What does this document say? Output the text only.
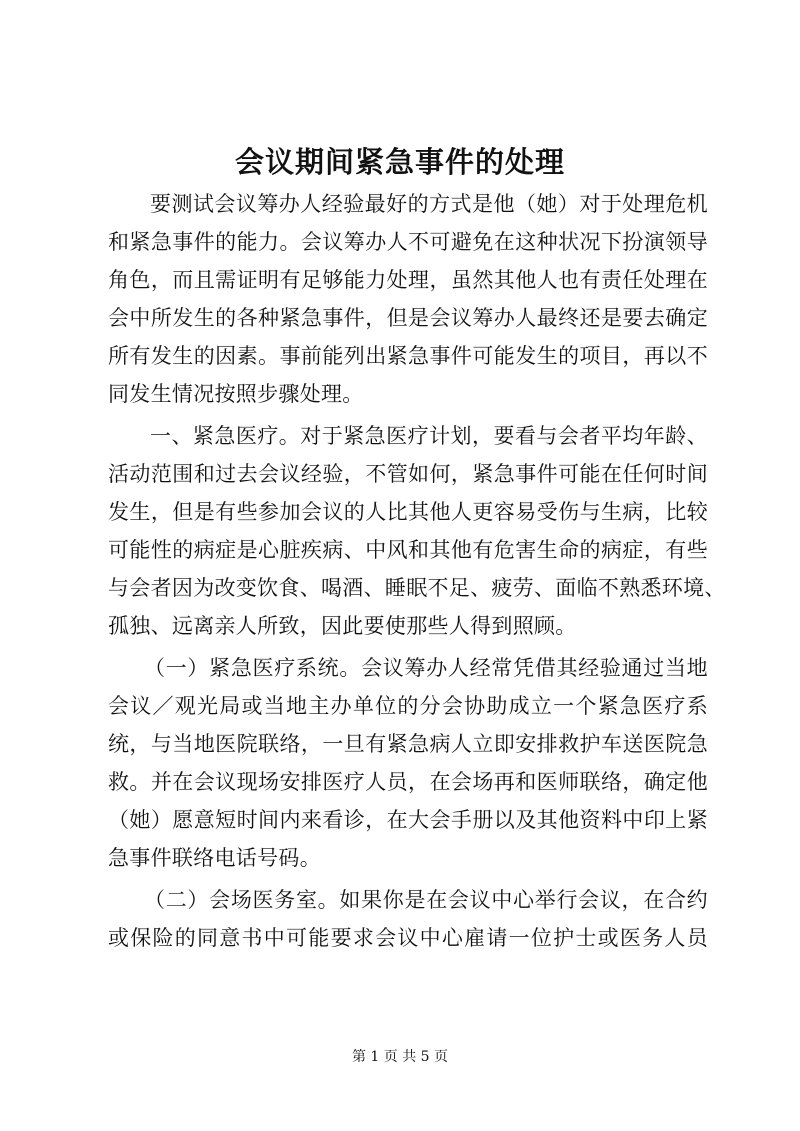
会议期间紧急事件的处理
要测试会议筹办人经验最好的方式是他（她）对于处理危机
和紧急事件的能力。会议筹办人不可避免在这种状况下扮演领导
角色，而且需证明有足够能力处理，虽然其他人也有责任处理在
会中所发生的各种紧急事件，但是会议筹办人最终还是要去确定
所有发生的因素。事前能列出紧急事件可能发生的项目，再以不
同发生情况按照步骤处理。
一、紧急医疗。对于紧急医疗计划，要看与会者平均年龄、
活动范围和过去会议经验，不管如何，紧急事件可能在任何时间
发生，但是有些参加会议的人比其他人更容易受伤与生病，比较
可能性的病症是心脏疾病、中风和其他有危害生命的病症，有些
与会者因为改变饮食、喝酒、睡眠不足、疲劳、面临不熟悉环境、
孤独、远离亲人所致，因此要使那些人得到照顾。
（一）紧急医疗系统。会议筹办人经常凭借其经验通过当地
会议／观光局或当地主办单位的分会协助成立一个紧急医疗系
统，与当地医院联络，一旦有紧急病人立即安排救护车送医院急
救。并在会议现场安排医疗人员，在会场再和医师联络，确定他
（她）愿意短时间内来看诊，在大会手册以及其他资料中印上紧
急事件联络电话号码。
（二）会场医务室。如果你是在会议中心举行会议，在合约
或保险的同意书中可能要求会议中心雇请一位护士或医务人员
第 1 页 共 5 页
